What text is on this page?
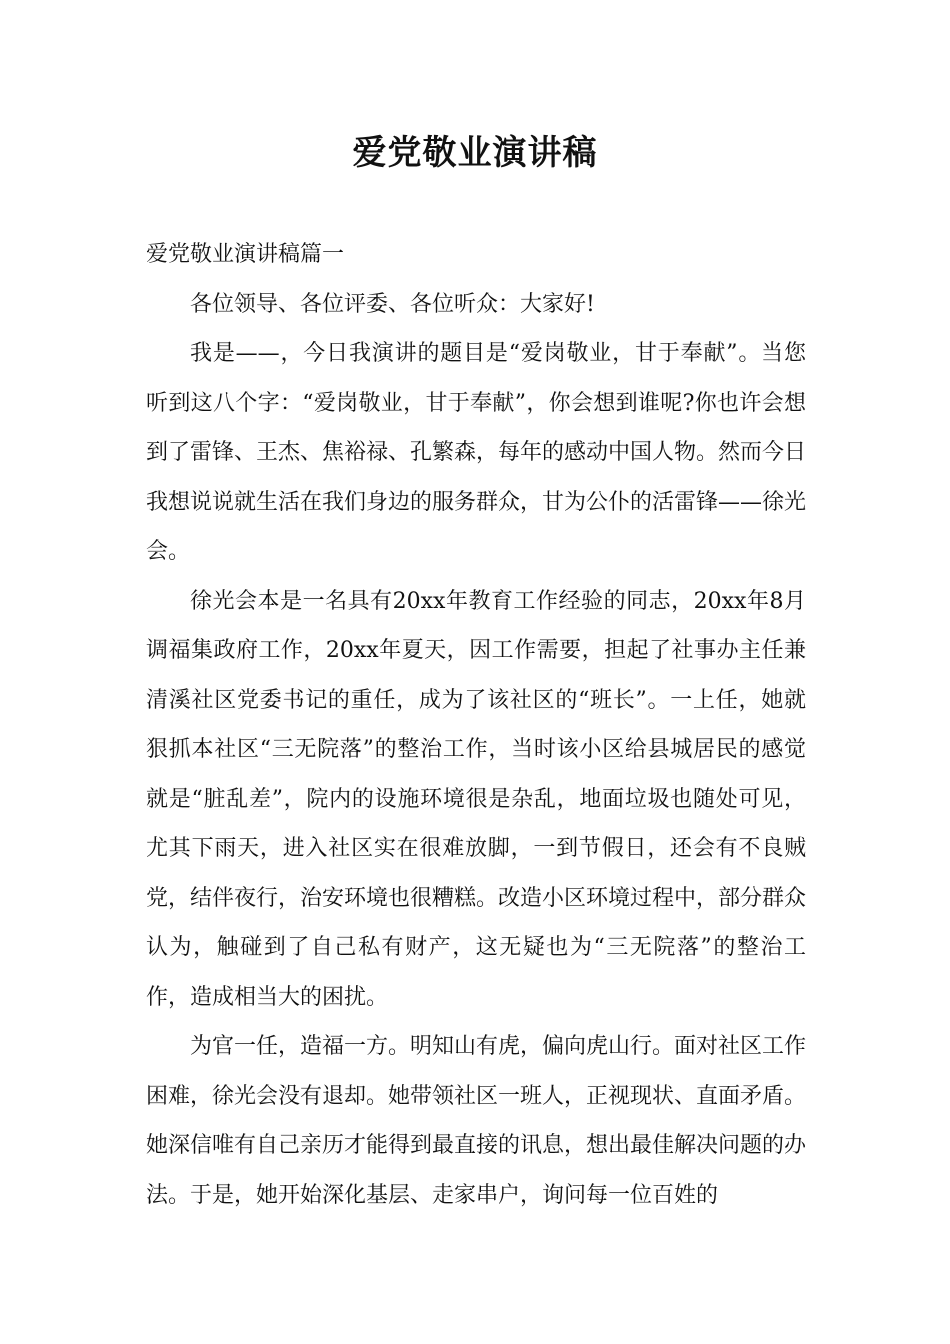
爱党敬业演讲稿

爱党敬业演讲稿篇一

各位领导、各位评委、各位听众：大家好!

我是——，今日我演讲的题目是“爱岗敬业，甘于奉献”。当您听到这八个字：“爱岗敬业，甘于奉献”，你会想到谁呢?你也许会想到了雷锋、王杰、焦裕禄、孔繁森，每年的感动中国人物。然而今日我想说说就生活在我们身边的服务群众，甘为公仆的活雷锋——徐光会。

徐光会本是一名具有20xx年教育工作经验的同志，20xx年8月调福集政府工作，20xx年夏天，因工作需要，担起了社事办主任兼清溪社区党委书记的重任，成为了该社区的“班长”。一上任，她就狠抓本社区“三无院落”的整治工作，当时该小区给县城居民的感觉就是“脏乱差”，院内的设施环境很是杂乱，地面垃圾也随处可见，尤其下雨天，进入社区实在很难放脚，一到节假日，还会有不良贼党，结伴夜行，治安环境也很糟糕。改造小区环境过程中，部分群众认为，触碰到了自己私有财产，这无疑也为“三无院落”的整治工作，造成相当大的困扰。

为官一任，造福一方。明知山有虎，偏向虎山行。面对社区工作困难，徐光会没有退却。她带领社区一班人，正视现状、直面矛盾。她深信唯有自己亲历才能得到最直接的讯息，想出最佳解决问题的办法。于是，她开始深化基层、走家串户，询问每一位百姓的
